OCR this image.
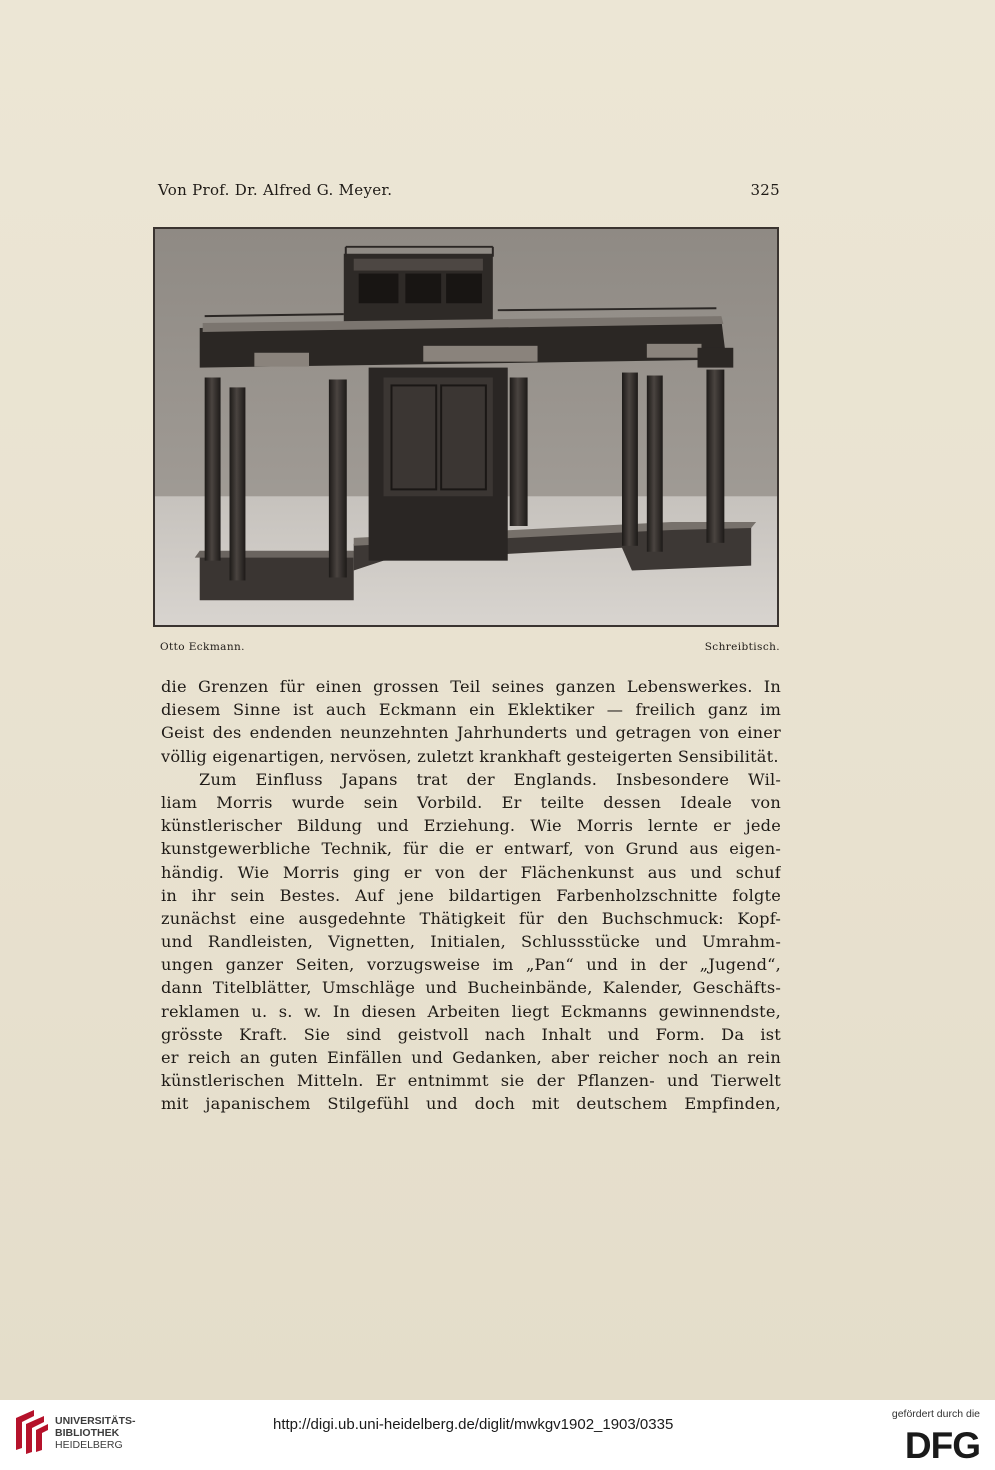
Von Prof. Dr. Alfred G. Meyer.	325
Otto Eckmann.	Schreibtisch.
die Grenzen für einen grossen Teil seines ganzen Lebenswerkes. In
diesem Sinne ist auch Eckmann ein Eklektiker — freilich ganz im
Geist des endenden neunzehnten Jahrhunderts und getragen von einer
völlig eigenartigen, nervösen, zuletzt krankhaft gesteigerten Sensibilität.
Zum Einfluss Japans trat der Englands. Insbesondere Wil-
liam Morris wurde sein Vorbild. Er teilte dessen Ideale von
künstlerischer Bildung und Erziehung. Wie Morris lernte er jede
kunstgewerbliche Technik, für die er entwarf, von Grund aus eigen-
händig. Wie Morris ging er von der Flächenkunst aus und schuf
in ihr sein Bestes. Auf jene bildartigen Farbenholzschnitte folgte
zunächst eine ausgedehnte Thätigkeit für den Buchschmuck: Kopf-
und Randleisten, Vignetten, Initialen, Schlussstücke und Umrahm-
ungen ganzer Seiten, vorzugsweise im „Pan“ und in der „Jugend“,
dann Titelblätter, Umschläge und Bucheinbände, Kalender, Geschäfts-
reklamen u. s. w. In diesen Arbeiten liegt Eckmanns gewinnendste,
grösste Kraft. Sie sind geistvoll nach Inhalt und Form. Da ist
er reich an guten Einfällen und Gedanken, aber reicher noch an rein
künstlerischen Mitteln. Er entnimmt sie der Pflanzen- und Tierwelt
mit japanischem Stilgefühl und doch mit deutschem Empfinden,
UNIVERSITÄTS-
BIBLIOTHEK
HEIDELBERG
http://digi.ub.uni-heidelberg.de/diglit/mwkgv1902_1903/0335
gefördert durch die
DFG
